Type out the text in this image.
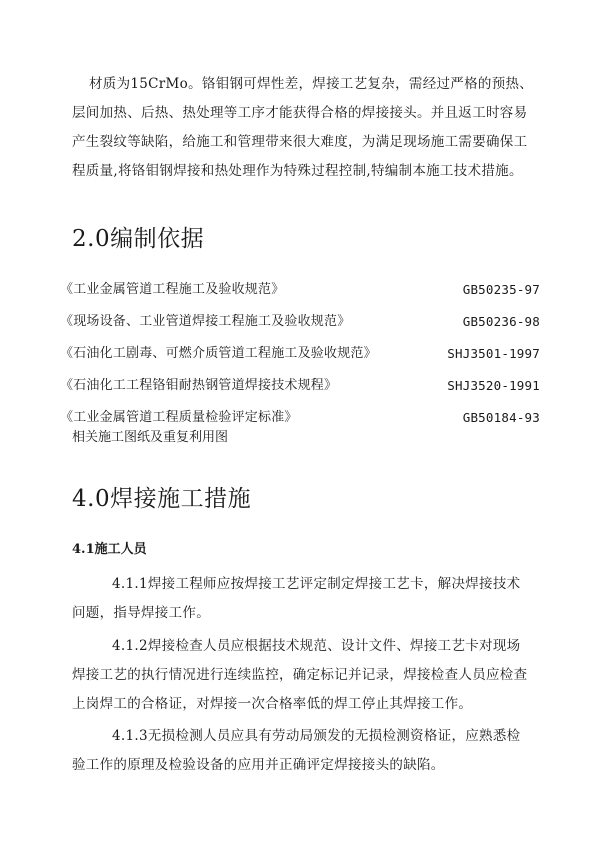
材质为15CrMo。铬钼钢可焊性差，焊接工艺复杂，需经过严格的预热、层间加热、后热、热处理等工序才能获得合格的焊接接头。并且返工时容易产生裂纹等缺陷，给施工和管理带来很大难度，为满足现场施工需要确保工程质量,将铬钼钢焊接和热处理作为特殊过程控制,特编制本施工技术措施。

2.0编制依据
《工业金属管道工程施工及验收规范》	GB50235-97
《现场设备、工业管道焊接工程施工及验收规范》	GB50236-98
《石油化工剧毒、可燃介质管道工程施工及验收规范》	SHJ3501-1997
《石油化工工程铬钼耐热钢管道焊接技术规程》	SHJ3520-1991
《工业金属管道工程质量检验评定标准》	GB50184-93

相关施工图纸及重复利用图

4.0焊接施工措施
4.1施工人员

4.1.1焊接工程师应按焊接工艺评定制定焊接工艺卡，解决焊接技术问题，指导焊接工作。

4.1.2焊接检查人员应根据技术规范、设计文件、焊接工艺卡对现场焊接工艺的执行情况进行连续监控，确定标记并记录，焊接检查人员应检查上岗焊工的合格证，对焊接一次合格率低的焊工停止其焊接工作。

4.1.3无损检测人员应具有劳动局颁发的无损检测资格证，应熟悉检验工作的原理及检验设备的应用并正确评定焊接接头的缺陷。
